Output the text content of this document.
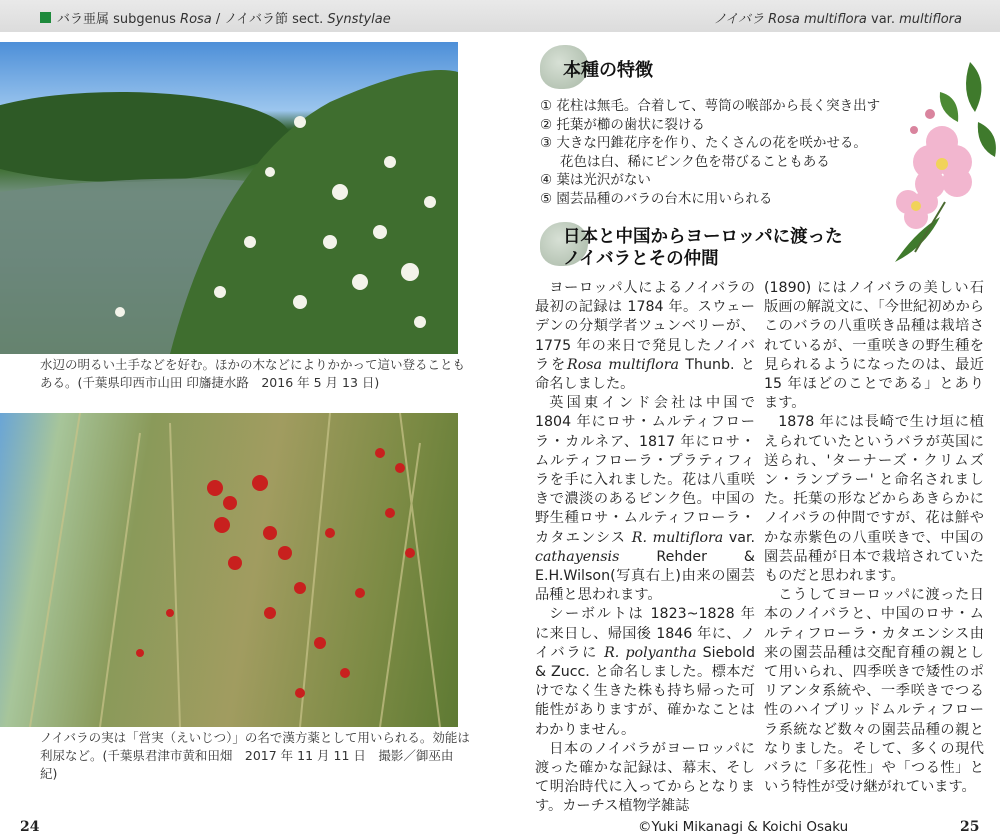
バラ亜属 subgenus Rosa / ノイバラ節 sect. Synstylae	ノイバラ Rosa multiflora var. multiflora
水辺の明るい土手などを好む。ほかの木などによりかかって這い登ることもある。(千葉県印西市山田 印旛捷水路　2016 年 5 月 13 日)
ノイバラの実は「営実（えいじつ）」の名で漢方薬として用いられる。効能は利尿など。(千葉県君津市黄和田畑　2017 年 11 月 11 日　撮影／御巫由紀)
24
本種の特徴
① 花柱は無毛。合着して、萼筒の喉部から長く突き出す
② 托葉が櫛の歯状に裂ける
③ 大きな円錐花序を作り、たくさんの花を咲かせる。
花色は白、稀にピンク色を帯びることもある
④ 葉は光沢がない
⑤ 園芸品種のバラの台木に用いられる
日本と中国からヨーロッパに渡った
ノイバラとその仲間

ヨーロッパ人によるノイバラの最初の記録は 1784 年。スウェーデンの分類学者ツュンベリーが、1775 年の来日で発見したノイバラをRosa multiflora Thunb. と命名しました。

英国東インド会社は中国で 1804 年にロサ・ムルティフローラ・カルネア、1817 年にロサ・ムルティフローラ・プラティフィラを手に入れました。花は八重咲きで濃淡のあるピンク色。中国の野生種ロサ・ムルティフローラ・カタエンシス R. multiflora var. cathayensis Rehder & E.H.Wilson(写真右上)由来の園芸品種と思われます。

シーボルトは 1823~1828 年に来日し、帰国後 1846 年に、ノイバラに R. polyantha Siebold & Zucc. と命名しました。標本だけでなく生きた株も持ち帰った可能性がありますが、確かなことはわかりません。

日本のノイバラがヨーロッパに渡った確かな記録は、幕末、そして明治時代に入ってからとなります。カーチス植物学雑誌

(1890) にはノイバラの美しい石版画の解説文に、「今世紀初めからこのバラの八重咲き品種は栽培されているが、一重咲きの野生種を見られるようになったのは、最近 15 年ほどのことである」とあります。

1878 年には長崎で生け垣に植えられていたというバラが英国に送られ、'ターナーズ・クリムズン・ランブラー' と命名されました。托葉の形などからあきらかにノイバラの仲間ですが、花は鮮やかな赤紫色の八重咲きで、中国の園芸品種が日本で栽培されていたものだと思われます。

こうしてヨーロッパに渡った日本のノイバラと、中国のロサ・ムルティフローラ・カタエンシス由来の園芸品種は交配育種の親として用いられ、四季咲きで矮性のポリアンタ系統や、一季咲きでつる性のハイブリッドムルティフローラ系統など数々の園芸品種の親となりました。そして、多くの現代バラに「多花性」や「つる性」という特性が受け継がれています。

25
©Yuki Mikanagi & Koichi Osaku
